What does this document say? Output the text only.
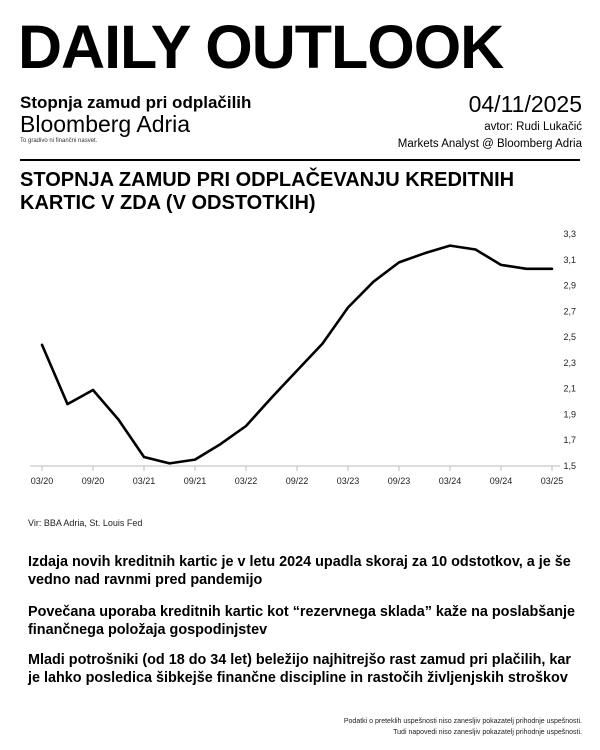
DAILY OUTLOOK
Stopnja zamud pri odplačilih
Bloomberg Adria
To gradivo ni finančni nasvet.
04/11/2025
avtor: Rudi Lukačić
Markets Analyst @ Bloomberg Adria
STOPNJA ZAMUD PRI ODPLAČEVANJU KREDITNIH KARTIC V ZDA (V ODSTOTKIH)
03/20	09/20	03/21	09/21	03/22	09/22	03/23	09/23	03/24	09/24	03/25
3,3
3,1
2,9
2,7
2,5
2,3
2,1
1,9
1,7
1,5
Vir: BBA Adria, St. Louis Fed
Izdaja novih kreditnih kartic je v letu 2024 upadla skoraj za 10 odstotkov, a je še vedno nad ravnmi pred pandemijo
Povečana uporaba kreditnih kartic kot “rezervnega sklada” kaže na poslabšanje finančnega položaja gospodinjstev
Mladi potrošniki (od 18 do 34 let) beležijo najhitrejšo rast zamud pri plačilih, kar je lahko posledica šibkejše finančne discipline in rastočih življenjskih stroškov
Podatki o preteklih uspešnosti niso zanesljiv pokazatelj prihodnje uspešnosti.
Tudi napovedi niso zanesljiv pokazatelj prihodnje uspešnosti.
